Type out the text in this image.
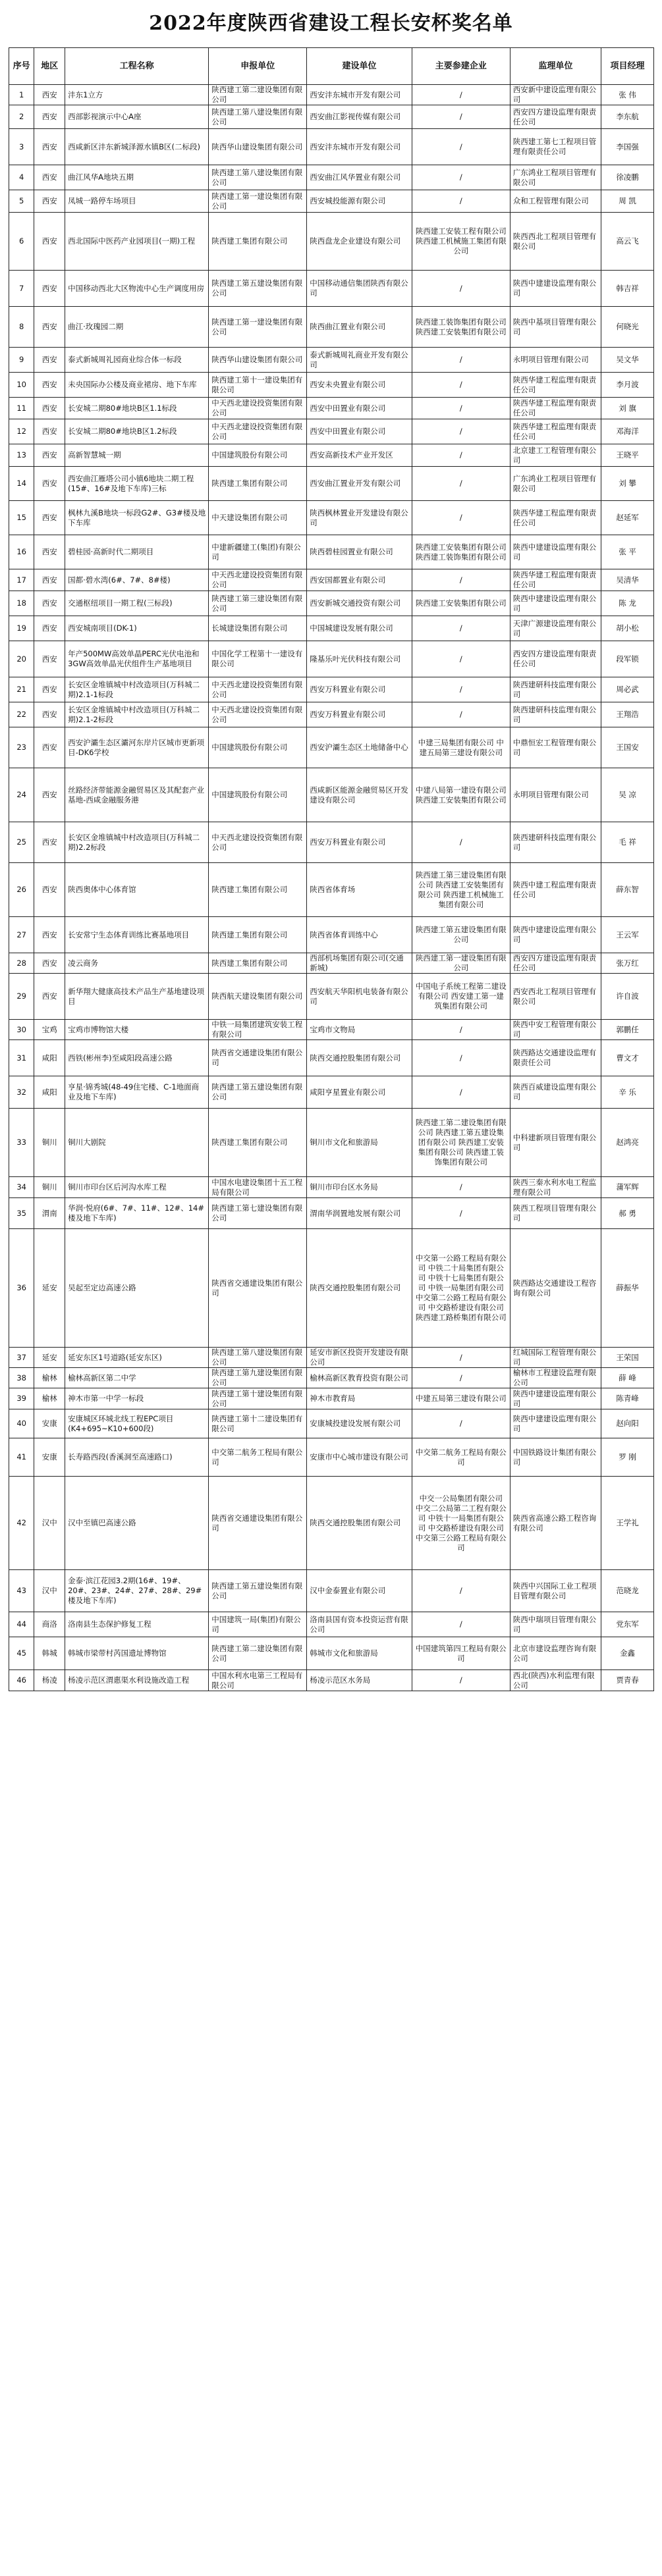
2022年度陕西省建设工程长安杯奖名单
序号	地区	工程名称	申报单位	建设单位	主要参建企业	监理单位	项目经理
1	西安	沣东1立方	陕西建工第二建设集团有限公司	西安沣东城市开发有限公司	/	西安新中建设监理有限公司	张 伟
2	西安	西部影视演示中心A座	陕西建工第八建设集团有限公司	西安曲江影视传媒有限公司	/	西安四方建设监理有限责任公司	李东航
3	西安	西咸新区沣东新城泽源水镇B区(二标段)	陕西华山建设集团有限公司	西安沣东城市开发有限公司	/	陕西建工第七工程项目管理有限责任公司	李国强
4	西安	曲江风华A地块五期	陕西建工第八建设集团有限公司	西安曲江风华置业有限公司	/	广东鸿业工程项目管理有限公司	徐凌鹏
5	西安	凤城一路停车场项目	陕西建工第一建设集团有限公司	西安城投能源有限公司	/	众和工程管理有限公司	周 凯
6	西安	西北国际中医药产业园项目(一期)工程	陕西建工集团有限公司	陕西盘龙企业建设有限公司	陕西建工安装工程有限公司 陕西建工机械施工集团有限公司	陕西西北工程项目管理有限公司	高云飞
7	西安	中国移动西北大区物流中心生产调度用房	陕西建工第五建设集团有限公司	中国移动通信集团陕西有限公司	/	陕西中建建设监理有限公司	韩吉祥
8	西安	曲江·玫瑰园二期	陕西建工第一建设集团有限公司	陕西曲江置业有限公司	陕西建工装饰集团有限公司 陕西建工安装集团有限公司	陕西中基项目管理有限公司	何晓光
9	西安	泰式新城周礼园商业综合体一标段	陕西华山建设集团有限公司	泰式新城周礼商业开发有限公司	/	永明项目管理有限公司	吴文华
10	西安	未央国际办公楼及商业裙房、地下车库	陕西建工第十一建设集团有限公司	西安未央置业有限公司	/	陕西华建工程监理有限责任公司	李月波
11	西安	长安城二期80#地块B区1.1标段	中天西北建设投资集团有限公司	西安中田置业有限公司	/	陕西华建工程监理有限责任公司	刘 旗
12	西安	长安城二期80#地块B区1.2标段	中天西北建设投资集团有限公司	西安中田置业有限公司	/	陕西华建工程监理有限责任公司	邓海洋
13	西安	高新智慧城一期	中国建筑股份有限公司	西安高新技术产业开发区	/	北京建工工程管理有限公司	王晓平
14	西安	西安曲江雁塔公司小镇6地块二期工程(15#、16#及地下车库)三标	陕西建工集团有限公司	西安曲江置业开发有限公司	/	广东鸿业工程项目管理有限公司	刘 攀
15	西安	枫林九溪B地块一标段G2#、G3#楼及地下车库	中天建设集团有限公司	陕西枫林置业开发建设有限公司	/	陕西华建工程监理有限责任公司	赵延军
16	西安	碧桂园·高新时代二期项目	中建新疆建工(集团)有限公司	陕西碧桂园置业有限公司	陕西建工安装集团有限公司 陕西建工装饰集团有限公司	陕西中建建设监理有限公司	张 平
17	西安	国都·碧水湾(6#、7#、8#楼)	中天西北建设投资集团有限公司	西安国都置业有限公司	/	陕西华建工程监理有限责任公司	吴清华
18	西安	交通枢纽项目一期工程(三标段)	陕西建工第三建设集团有限公司	西安新城交通投资有限公司	陕西建工安装集团有限公司	陕西中建建设监理有限公司	陈 龙
19	西安	西安城南项目(DK-1)	长城建设集团有限公司	中国城建设发展有限公司	/	天津广源建设监理有限公司	胡小松
20	西安	年产500MW高效单晶PERC光伏电池和3GW高效单晶光伏组件生产基地项目	中国化学工程第十一建设有限公司	隆基乐叶光伏科技有限公司	/	西安四方建设监理有限责任公司	段军锁
21	西安	长安区金堆镇城中村改造项目(万科城二期)2.1-1标段	中天西北建设投资集团有限公司	西安万科置业有限公司	/	陕西建研科技监理有限公司	周必武
22	西安	长安区金堆镇城中村改造项目(万科城二期)2.1-2标段	中天西北建设投资集团有限公司	西安万科置业有限公司	/	陕西建研科技监理有限公司	王翔浩
23	西安	西安沪灞生态区灞河东岸片区城市更新项目-DK6学校	中国建筑股份有限公司	西安沪灞生态区土地储备中心	中建三局集团有限公司 中建五局第三建设有限公司	中鼎恒宏工程管理有限公司	王国安
24	西安	丝路经济带能源金融贸易区及其配套产业基地-西咸金融服务港	中国建筑股份有限公司	西咸新区能源金融贸易区开发建设有限公司	中建八局第一建设有限公司 陕西建工安装集团有限公司	永明项目管理有限公司	吴 凉
25	西安	长安区金堆镇城中村改造项目(万科城二期)2.2标段	中天西北建设投资集团有限公司	西安万科置业有限公司	/	陕西建研科技监理有限公司	毛 祥
26	西安	陕西奥体中心体育馆	陕西建工集团有限公司	陕西省体育场	陕西建工第三建设集团有限公司 陕西建工安装集团有限公司 陕西建工机械施工集团有限公司	陕西中建工程监理有限责任公司	薛东智
27	西安	长安常宁生态体育训练比赛基地项目	陕西建工集团有限公司	陕西省体育训练中心	陕西建工第五建设集团有限公司	陕西中建建设监理有限公司	王云军
28	西安	凌云商务	陕西建工集团有限公司	西部机场集团有限公司(交通新城)	陕西建工第一建设集团有限公司	西安四方建设监理有限责任公司	张万红
29	西安	新华翔大健康高技术产品生产基地建设项目	陕西航天建设集团有限公司	西安航天华阳机电装备有限公司	中国电子系统工程第二建设有限公司 西安建工第一建筑集团有限公司	西安西北工程项目管理有限公司	许自波
30	宝鸡	宝鸡市博物馆大楼	中铁一局集团建筑安装工程有限公司	宝鸡市文物局	/	陕西中安工程管理有限公司	郭鹏任
31	咸阳	西铁(彬州李)至咸阳段高速公路	陕西省交通建设集团有限公司	陕西交通控股集团有限公司	/	陕西路达交通建设监理有限责任公司	曹文才
32	咸阳	亨星·锦秀城(48-49住宅楼、C-1地面商业及地下车库)	陕西建工第五建设集团有限公司	咸阳亨星置业有限公司	/	陕西百威建设监理有限公司	辛 乐
33	铜川	铜川大剧院	陕西建工集团有限公司	铜川市文化和旅游局	陕西建工第二建设集团有限公司 陕西建工第五建设集团有限公司 陕西建工安装集团有限公司 陕西建工装饰集团有限公司	中科建新项目管理有限公司	赵鸿亮
34	铜川	铜川市印台区后河沟水库工程	中国水电建设集团十五工程局有限公司	铜川市印台区水务局	/	陕西三秦水利水电工程监理有限公司	蒲军辉
35	渭南	华润·悦府(6#、7#、11#、12#、14#楼及地下车库)	陕西建工第七建设集团有限公司	渭南华润置地发展有限公司	/	陕西工程项目管理有限公司	郝 勇
36	延安	吴起至定边高速公路	陕西省交通建设集团有限公司	陕西交通控股集团有限公司	中交第一公路工程局有限公司 中铁二十局集团有限公司 中铁十七局集团有限公司 中铁一局集团有限公司 中交第二公路工程局有限公司 中交路桥建设有限公司 陕西建工路桥集团有限公司	陕西路达交通建设工程咨询有限公司	薛振华
37	延安	延安东区1号道路(延安东区)	陕西建工第八建设集团有限公司	延安市新区投资开发建设有限公司	/	红城国际工程管理有限公司	王荣国
38	榆林	榆林高新区第二中学	陕西建工第九建设集团有限公司	榆林高新区教育投资有限公司	/	榆林市工程建设监理有限公司	薛 峰
39	榆林	神木市第一中学一标段	陕西建工第十建设集团有限公司	神木市教育局	中建五局第三建设有限公司	陕西中建建设监理有限公司	陈青峰
40	安康	安康城区环城北线工程EPC项目(K4+695~K10+600段)	陕西建工第十二建设集团有限公司	安康城投建设发展有限公司	/	陕西中建建设监理有限公司	赵向阳
41	安康	长寿路西段(香溪洞至高速路口)	中交第二航务工程局有限公司	安康市中心城市建设有限公司	中交第二航务工程局有限公司	中国铁路设计集团有限公司	罗 刚
42	汉中	汉中至镇巴高速公路	陕西省交通建设集团有限公司	陕西交通控股集团有限公司	中交一公局集团有限公司 中交二公局第二工程有限公司 中铁十一局集团有限公司 中交路桥建设有限公司 中交第三公路工程局有限公司	陕西省高速公路工程咨询有限公司	王学礼
43	汉中	金泰·滨江花园3.2期(16#、19#、20#、23#、24#、27#、28#、29#楼及地下车库)	陕西建工第五建设集团有限公司	汉中金泰置业有限公司	/	陕西中兴国际工业工程项目管理有限公司	范晓龙
44	商洛	洛南县生态保护修复工程	中国建筑一局(集团)有限公司	洛南县国有资本投资运营有限公司	/	陕西中瑞项目管理有限公司	党东军
45	韩城	韩城市梁带村芮国遗址博物馆	陕西建工第二建设集团有限公司	韩城市文化和旅游局	中国建筑第四工程局有限公司	北京市建设监理咨询有限公司	金鑫
46	杨凌	杨凌示范区渭惠渠水利设施改造工程	中国水利水电第三工程局有限公司	杨凌示范区水务局	/	西北(陕西)水利监理有限公司	贾青春
